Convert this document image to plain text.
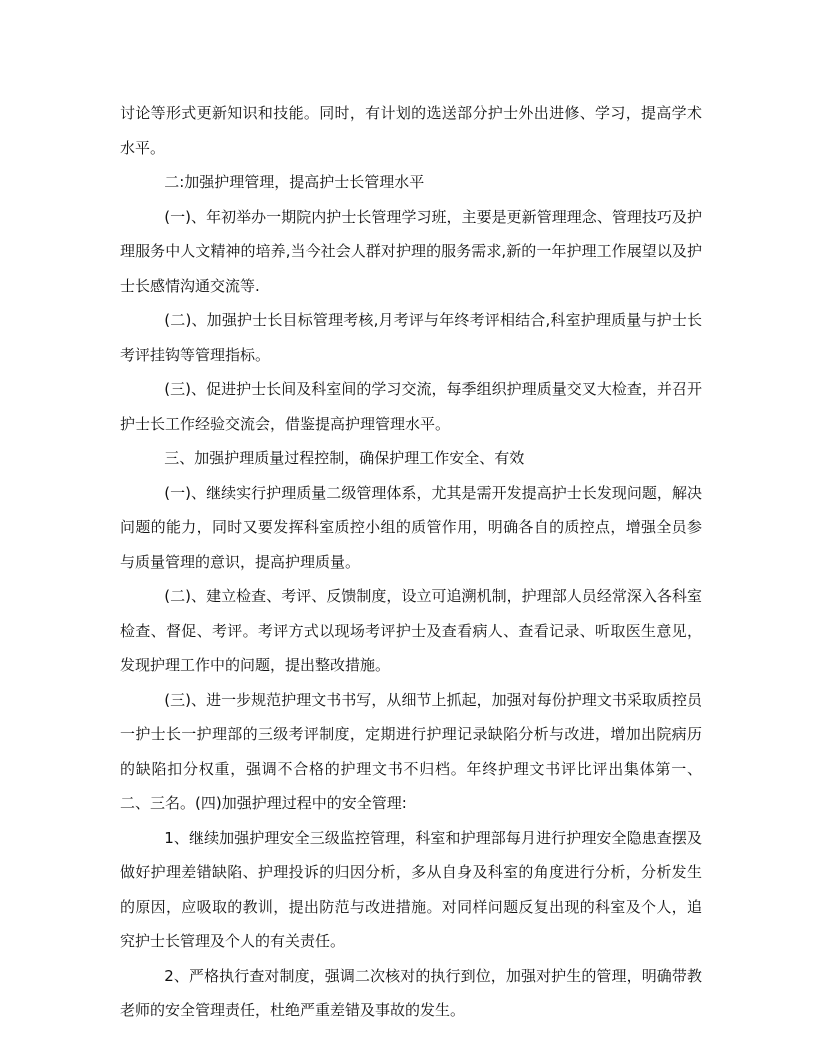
讨论等形式更新知识和技能。同时，有计划的选送部分护士外出进修、学习，提高学术水平。

二:加强护理管理，提高护士长管理水平

(一)、年初举办一期院内护士长管理学习班，主要是更新管理理念、管理技巧及护理服务中人文精神的培养,当今社会人群对护理的服务需求,新的一年护理工作展望以及护士长感情沟通交流等.

(二)、加强护士长目标管理考核,月考评与年终考评相结合,科室护理质量与护士长考评挂钩等管理指标。

(三)、促进护士长间及科室间的学习交流，每季组织护理质量交叉大检查，并召开护士长工作经验交流会，借鉴提高护理管理水平。

三、加强护理质量过程控制，确保护理工作安全、有效

(一)、继续实行护理质量二级管理体系，尤其是需开发提高护士长发现问题，解决问题的能力，同时又要发挥科室质控小组的质管作用，明确各自的质控点，增强全员参与质量管理的意识，提高护理质量。

(二)、建立检查、考评、反馈制度，设立可追溯机制，护理部人员经常深入各科室检查、督促、考评。考评方式以现场考评护士及查看病人、查看记录、听取医生意见，发现护理工作中的问题，提出整改措施。

(三)、进一步规范护理文书书写，从细节上抓起，加强对每份护理文书采取质控员一护士长一护理部的三级考评制度，定期进行护理记录缺陷分析与改进，增加出院病历的缺陷扣分权重，强调不合格的护理文书不归档。年终护理文书评比评出集体第一、二、三名。(四)加强护理过程中的安全管理:

1、继续加强护理安全三级监控管理，科室和护理部每月进行护理安全隐患查摆及做好护理差错缺陷、护理投诉的归因分析，多从自身及科室的角度进行分析，分析发生的原因，应吸取的教训，提出防范与改进措施。对同样问题反复出现的科室及个人，追究护士长管理及个人的有关责任。

2、严格执行查对制度，强调二次核对的执行到位，加强对护生的管理，明确带教老师的安全管理责任，杜绝严重差错及事故的发生。
